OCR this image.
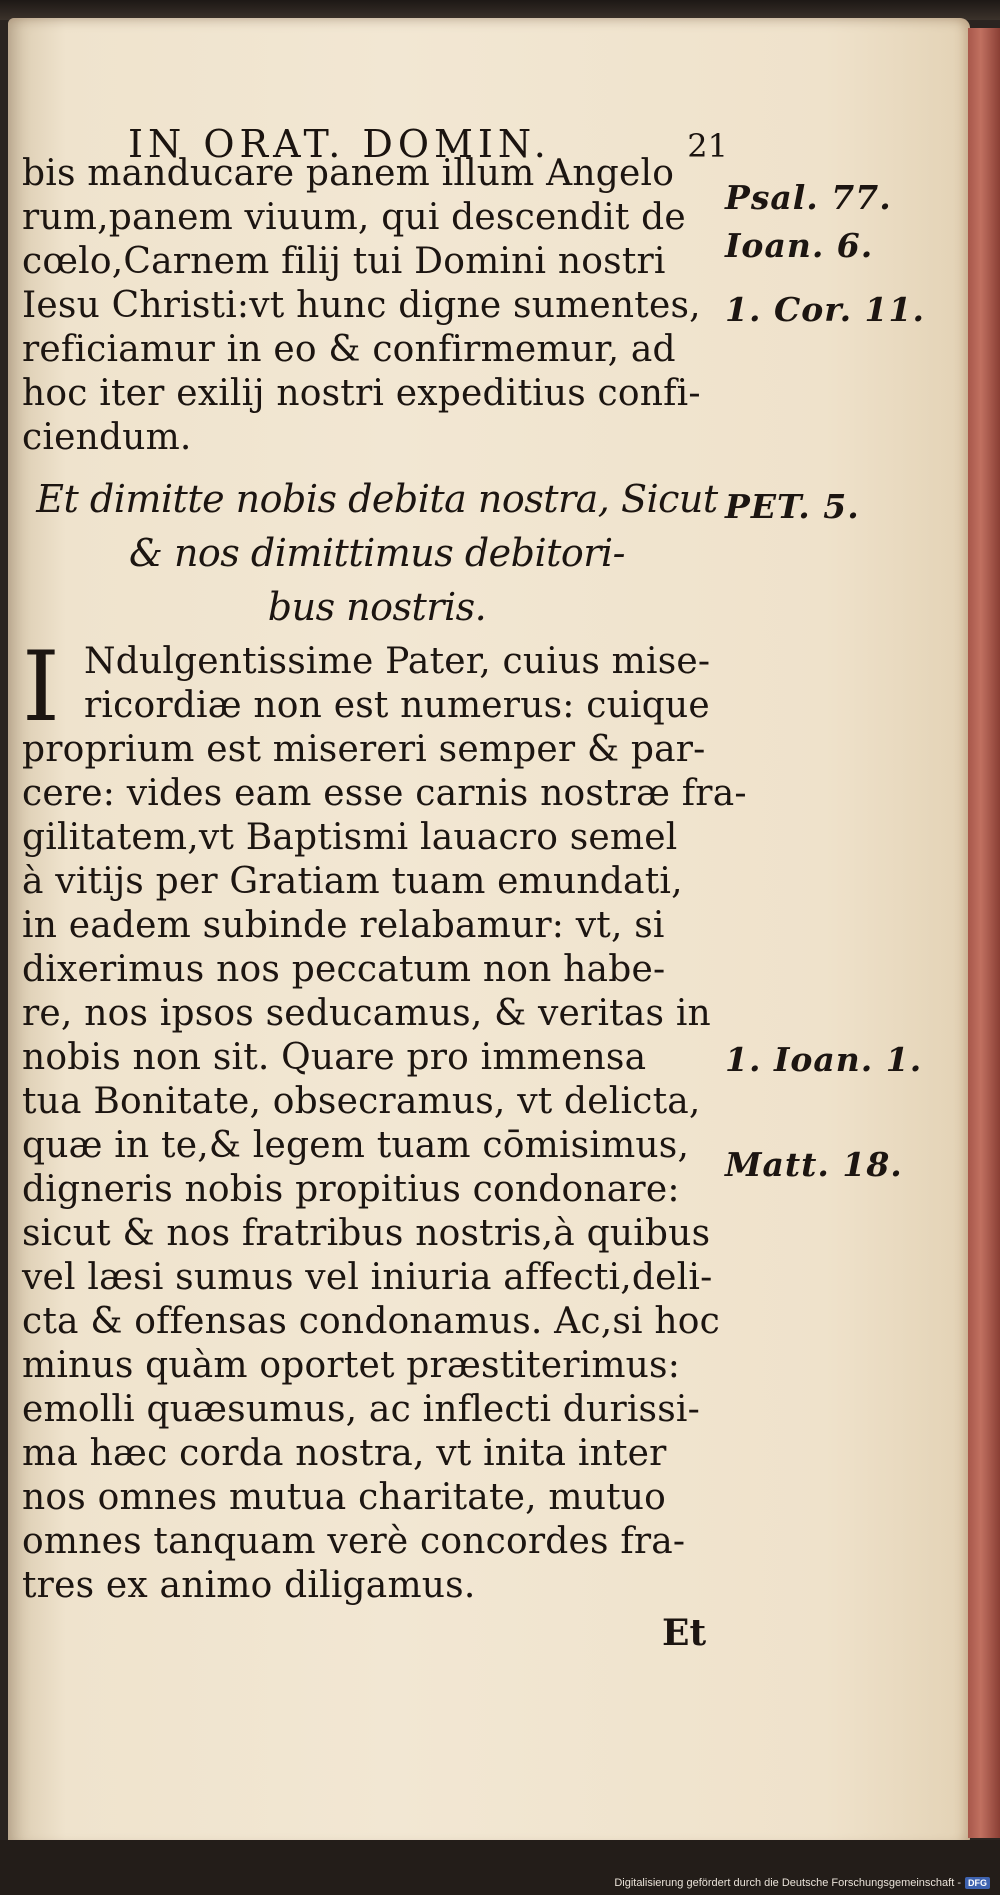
IN ORAT. DOMIN.	21
bis manducare panem illum Angelo
rum,panem viuum, qui descendit de
cœlo,Carnem filij tui Domini nostri
Iesu Christi:vt hunc digne sumentes,
reficiamur in eo & confirmemur, ad
hoc iter exilij nostri expeditius confi-
ciendum.
Et dimitte nobis debita nostra, Sicut
& nos dimittimus debitori-
bus nostris.
I Ndulgentissime Pater, cuius mise-
ricordiæ non est numerus: cuique
proprium est misereri semper & par-
cere: vides eam esse carnis nostræ fra-
gilitatem,vt Baptismi lauacro semel
à vitijs per Gratiam tuam emundati,
in eadem subinde relabamur: vt, si
dixerimus nos peccatum non habe-
re, nos ipsos seducamus, & veritas in
nobis non sit. Quare pro immensa
tua Bonitate, obsecramus, vt delicta,
quæ in te,& legem tuam cōmisimus,
digneris nobis propitius condonare:
sicut & nos fratribus nostris,à quibus
vel læsi sumus vel iniuria affecti,deli-
cta & offensas condonamus. Ac,si hoc
minus quàm oportet præstiterimus:
emolli quæsumus, ac inflecti durissi-
ma hæc corda nostra, vt inita inter
nos omnes mutua charitate, mutuo
omnes tanquam verè concordes fra-
tres ex animo diligamus.
Psal. 77.
Ioan. 6.
1. Cor. 11.
PET. 5.
1. Ioan. 1.
Matt. 18.
Et
Digitalisierung gefördert durch die Deutsche Forschungsgemeinschaft - DFG
